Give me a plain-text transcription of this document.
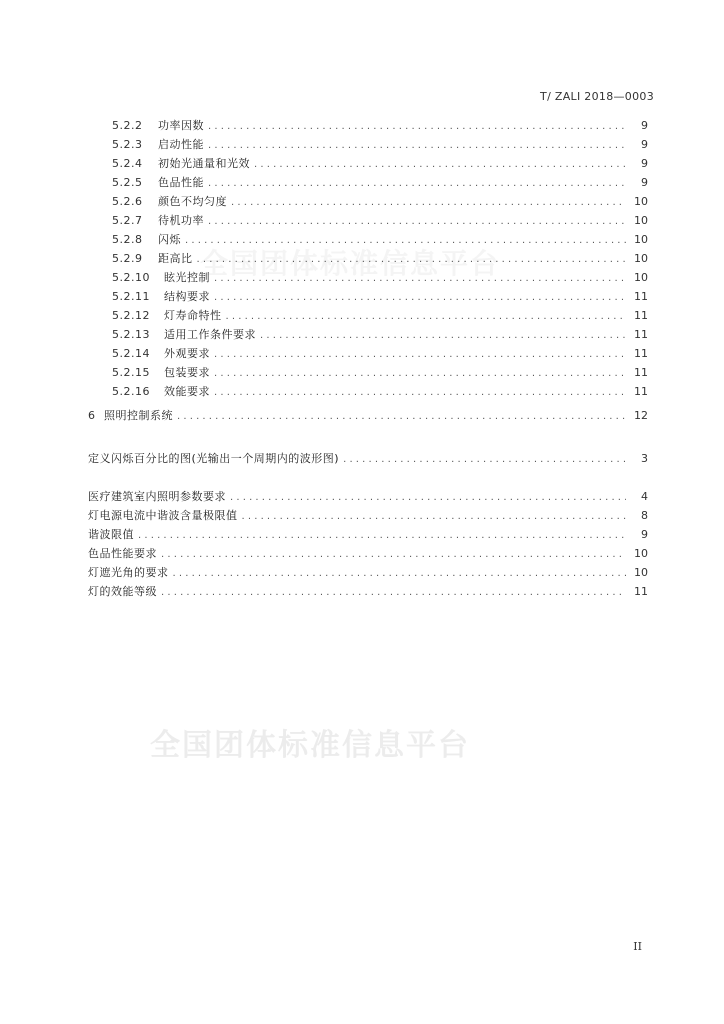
T/ ZALI 2018—0003
全国团体标准信息平台
5.2.2	功率因数 . . .	9
5.2.3	启动性能 . . .	9
5.2.4	初始光通量和光效 . . .	9
5.2.5	色品性能 . . .	9
5.2.6	颜色不均匀度 . . .	10
5.2.7	待机功率 . . .	10
5.2.8	闪烁 . . .	10
5.2.9	距高比 . . .	10
5.2.10	眩光控制 . . .	10
5.2.11	结构要求 . . .	11
5.2.12	灯寿命特性 . . .	11
5.2.13	适用工作条件要求 . . .	11
5.2.14	外观要求 . . .	11
5.2.15	包装要求 . . .	11
5.2.16	效能要求 . . .	11
6 照明控制系统 . . .	12
定义闪烁百分比的图(光输出一个周期内的波形图) . . .	3
医疗建筑室内照明参数要求 . . .	4
灯电源电流中谐波含量极限值 . . .	8
谐波限值 . . .	9
色品性能要求 . . .	10
灯遮光角的要求 . . .	10
灯的效能等级 . . .	11
全国团体标准信息平台
II
